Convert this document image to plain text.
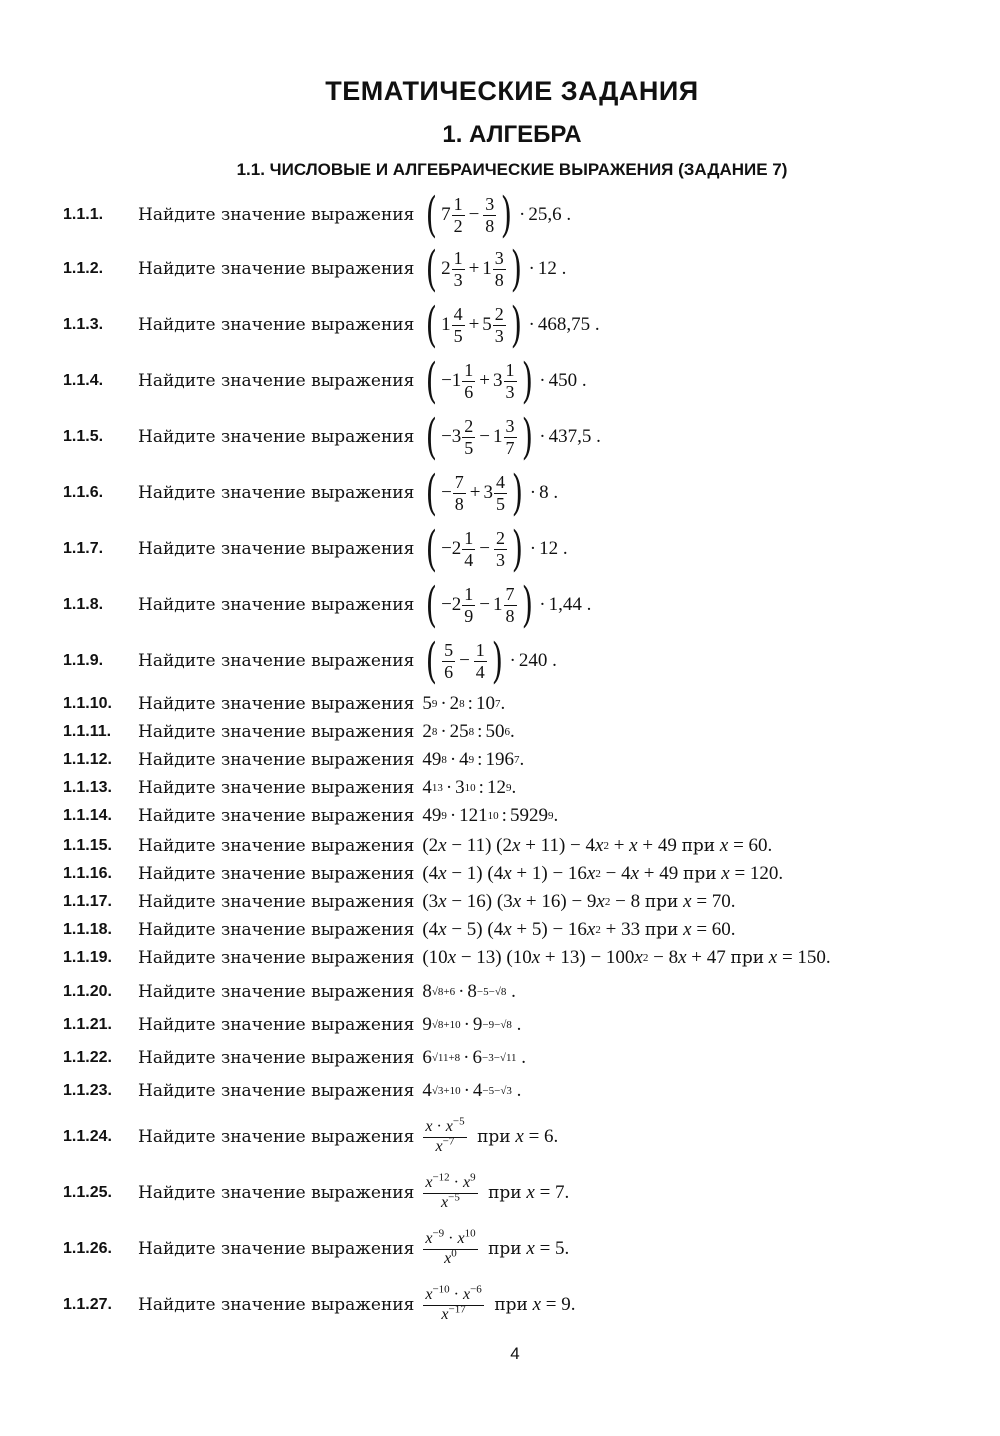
ТЕМАТИЧЕСКИЕ ЗАДАНИЯ
1. АЛГЕБРА
1.1. ЧИСЛОВЫЕ И АЛГЕБРАИЧЕСКИЕ ВЫРАЖЕНИЯ (ЗАДАНИЕ 7)
1.1.1.	Найдите значение выражения ( $7 \frac{1}{2} - \frac{3}{8}$ ) · 25,6 .
1.1.2.	Найдите значение выражения ( $2 \frac{1}{3} + 1 \frac{3}{8}$ ) · 12 .
1.1.3.	Найдите значение выражения ( $1 \frac{4}{5} + 5 \frac{2}{3}$ ) · 468,75 .
1.1.4.	Найдите значение выражения ( $-1 \frac{1}{6} + 3 \frac{1}{3}$ ) · 450 .
1.1.5.	Найдите значение выражения ( $-3 \frac{2}{5} - 1 \frac{3}{7}$ ) · 437,5 .
1.1.6.	Найдите значение выражения ( − $\frac{7}{8} + 3 \frac{4}{5}$ ) · 8 .
1.1.7.	Найдите значение выражения ( $-2 \frac{1}{4} - \frac{2}{3}$ ) · 12 .
1.1.8.	Найдите значение выражения ( $-2 \frac{1}{9} - 1 \frac{7}{8}$ ) · 1,44 .
1.1.9.	Найдите значение выражения ( $\frac{5}{6} - \frac{1}{4}$ ) · 240 .
1.1.10.	Найдите значение выражения 5 9 · 2 8 : 10 7 .
1.1.11.	Найдите значение выражения 2 8 · 25 8 : 50 6 .
1.1.12.	Найдите значение выражения 49 8 · 4 9 : 196 7 .
1.1.13.	Найдите значение выражения 4 13 · 3 10 : 12 9 .
1.1.14.	Найдите значение выражения 49 9 · 121 10 : 5929 9 .
1.1.15.	Найдите значение выражения (2 x − 11) (2 x + 11) − 4 x 2 + x + 49 при
x = 60.
1.1.16.	Найдите значение выражения (4 x − 1) (4 x + 1) − 16 x 2 − 4 x + 49 при
x = 120.
1.1.17.	Найдите значение выражения (3 x − 16) (3 x + 16) − 9 x 2 − 8 при
x = 70.
1.1.18.	Найдите значение выражения (4 x − 5) (4 x + 5) − 16 x 2 + 33 при
x = 60.
1.1.19.	Найдите значение выражения (10 x − 13) (10 x + 13) − 100 x 2 − 8 x + 47 при
x = 150.
1.1.20.	Найдите значение выражения 8 √8+6 · 8 −5−√8 .
1.1.21.	Найдите значение выражения 9 √8+10 · 9 −9−√8 .
1.1.22.	Найдите значение выражения 6 √11+8 · 6 −3−√11 .
1.1.23.	Найдите значение выражения 4 √3+10 · 4 −5−√3 .
1.1.24.	Найдите значение выражения $\frac{x \cdot x^{-5}}{x^{-7}}$
при
x = 6.
1.1.25.	Найдите значение выражения $\frac{x^{-12} \cdot x^9}{x^{-5}}$
при
x = 7.
1.1.26.	Найдите значение выражения $\frac{x^{-9} \cdot x^{10}}{x^0}$
при
x = 5.
1.1.27.	Найдите значение выражения $\frac{x^{-10} \cdot x^{-6}}{x^{-17}}$
при
x = 9.
4
